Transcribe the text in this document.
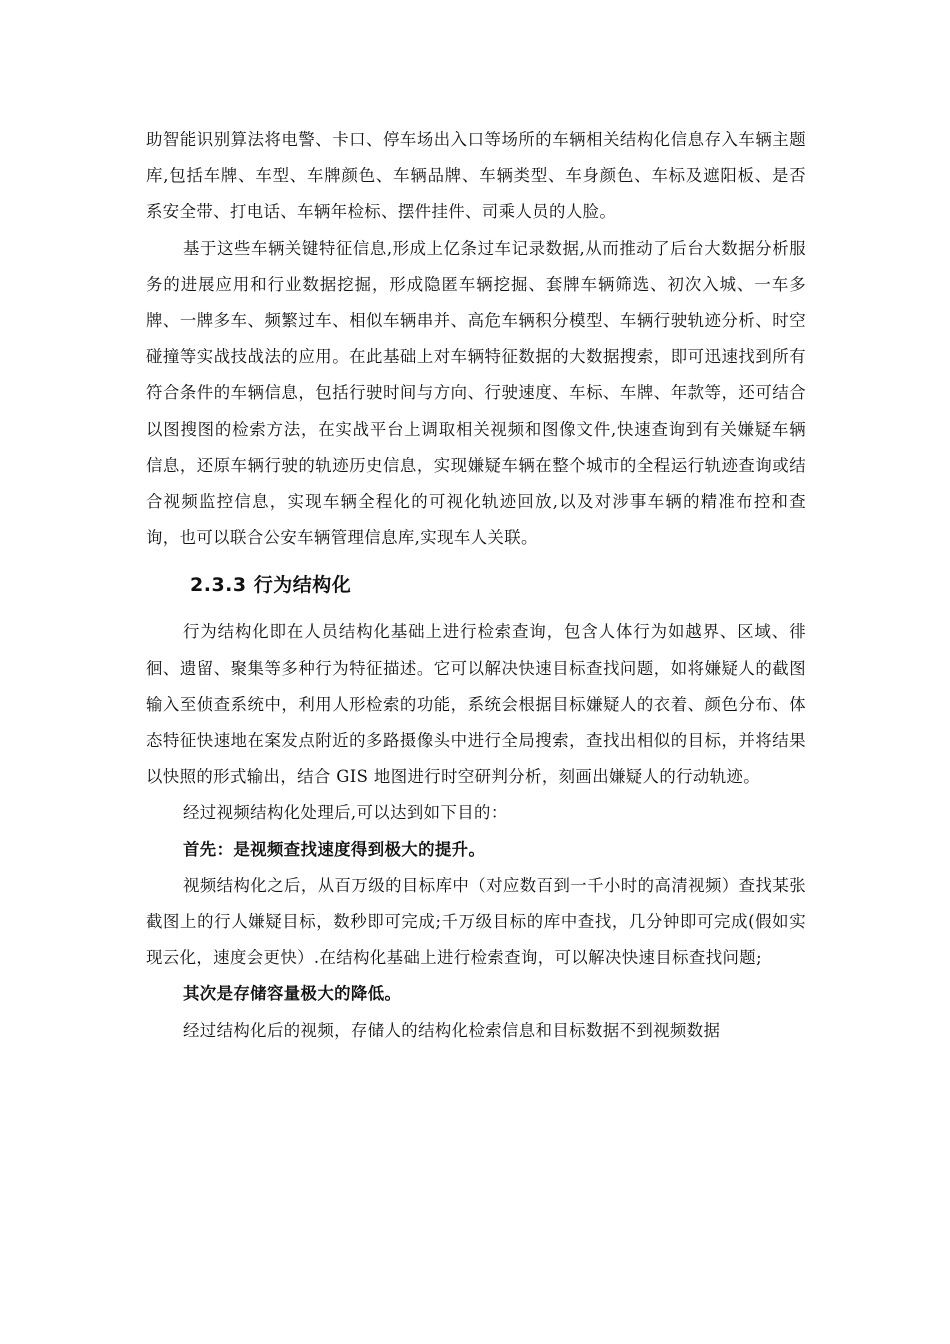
助智能识别算法将电警、卡口、停车场出入口等场所的车辆相关结构化信息存入车辆主题库,包括车牌、车型、车牌颜色、车辆品牌、车辆类型、车身颜色、车标及遮阳板、是否系安全带、打电话、车辆年检标、摆件挂件、司乘人员的人脸。

基于这些车辆关键特征信息,形成上亿条过车记录数据,从而推动了后台大数据分析服务的进展应用和行业数据挖掘，形成隐匿车辆挖掘、套牌车辆筛选、初次入城、一车多牌、一牌多车、频繁过车、相似车辆串并、高危车辆积分模型、车辆行驶轨迹分析、时空碰撞等实战技战法的应用。在此基础上对车辆特征数据的大数据搜索，即可迅速找到所有符合条件的车辆信息，包括行驶时间与方向、行驶速度、车标、车牌、年款等，还可结合以图搜图的检索方法，在实战平台上调取相关视频和图像文件,快速查询到有关嫌疑车辆信息，还原车辆行驶的轨迹历史信息，实现嫌疑车辆在整个城市的全程运行轨迹查询或结合视频监控信息，实现车辆全程化的可视化轨迹回放,以及对涉事车辆的精准布控和查询，也可以联合公安车辆管理信息库,实现车人关联。

2.3.3 行为结构化

行为结构化即在人员结构化基础上进行检索查询，包含人体行为如越界、区域、徘徊、遗留、聚集等多种行为特征描述。它可以解决快速目标查找问题，如将嫌疑人的截图输入至侦查系统中，利用人形检索的功能，系统会根据目标嫌疑人的衣着、颜色分布、体态特征快速地在案发点附近的多路摄像头中进行全局搜索，查找出相似的目标，并将结果以快照的形式输出，结合 GIS 地图进行时空研判分析，刻画出嫌疑人的行动轨迹。

经过视频结构化处理后,可以达到如下目的：

首先：是视频查找速度得到极大的提升。

视频结构化之后，从百万级的目标库中（对应数百到一千小时的高清视频）查找某张截图上的行人嫌疑目标，数秒即可完成;千万级目标的库中查找，几分钟即可完成(假如实现云化，速度会更快）.在结构化基础上进行检索查询，可以解决快速目标查找问题;

其次是存储容量极大的降低。

经过结构化后的视频，存储人的结构化检索信息和目标数据不到视频数据
